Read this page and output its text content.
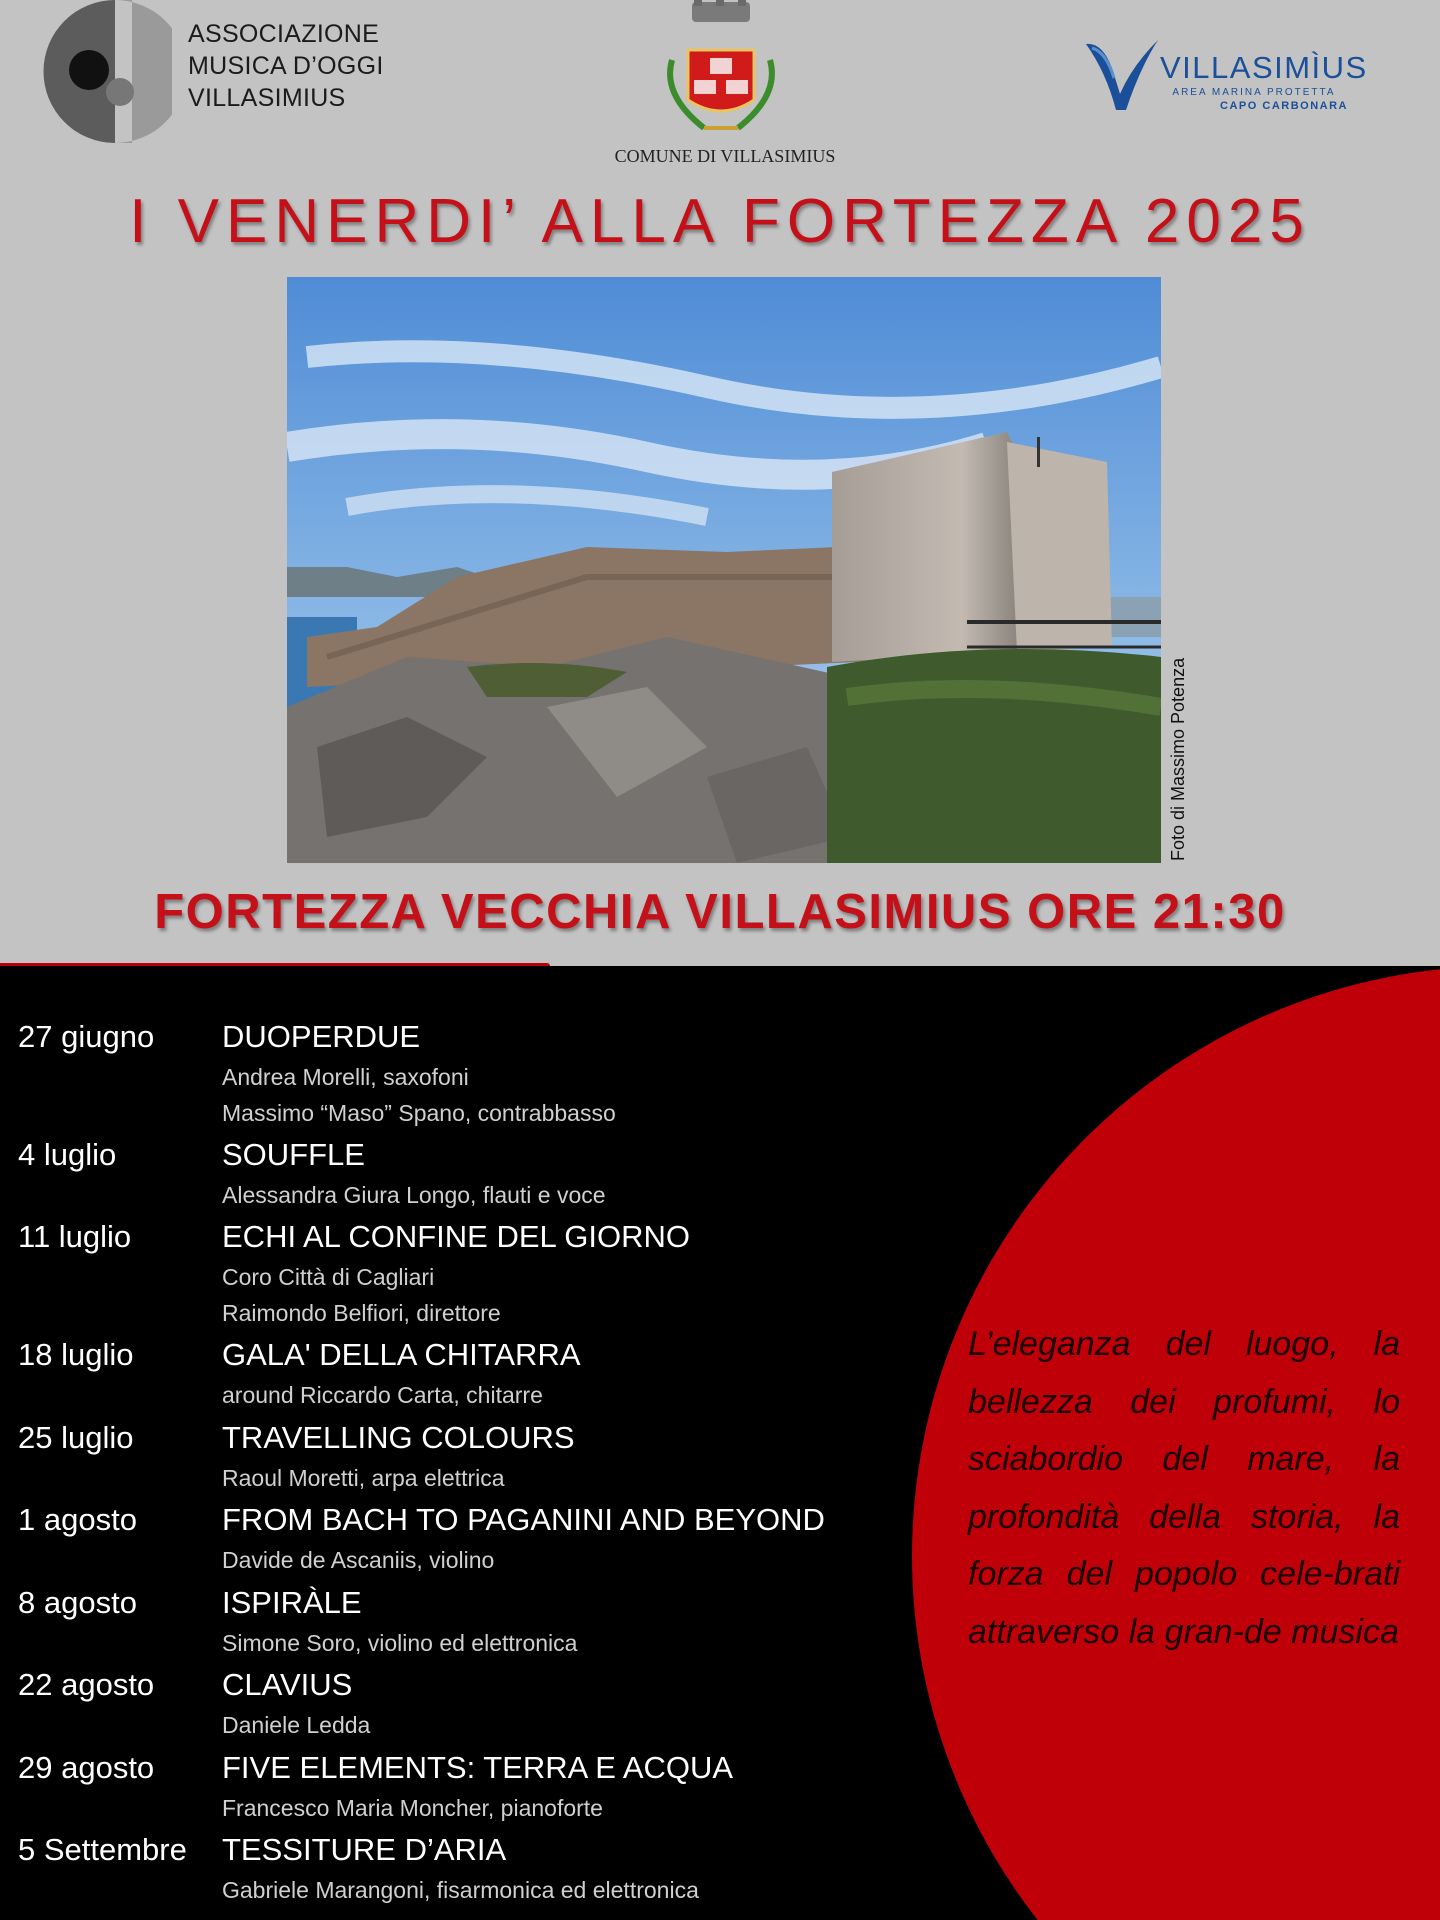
ASSOCIAZIONE
MUSICA D’OGGI
VILLASIMIUS
COMUNE DI VILLASIMIUS
VILLASIMÌUS
AREA MARINA PROTETTA
CAPO CARBONARA
I VENERDI’ ALLA FORTEZZA 2025
Foto di Massimo Potenza
FORTEZZA VECCHIA VILLASIMIUS ORE 21:30
27 giugno DUOPERDUE
Andrea Morelli, saxofoni
Massimo “Maso” Spano, contrabbasso
4 luglio	SOUFFLE
Alessandra Giura Longo, flauti e voce
11 luglio	ECHI AL CONFINE DEL GIORNO
Coro Città di Cagliari
Raimondo Belfiori, direttore
18 luglio	GALA' DELLA CHITARRA
around Riccardo Carta, chitarre
25 luglio	TRAVELLING COLOURS
Raoul Moretti, arpa elettrica
1 agosto	FROM BACH TO PAGANINI AND BEYOND
Davide de Ascaniis, violino
8 agosto	ISPIRÀLE
Simone Soro, violino ed elettronica
22 agosto CLAVIUS
Daniele Ledda
29 agosto FIVE ELEMENTS: TERRA E ACQUA
Francesco Maria Moncher, pianoforte
5 Settembre TESSITURE D’ARIA
Gabriele Marangoni, fisarmonica ed elettronica
L’eleganza del luogo, la bellezza dei profumi, lo sciabordio del mare, la profondità della storia, la forza del popolo cele-brati attraverso la gran-de musica
